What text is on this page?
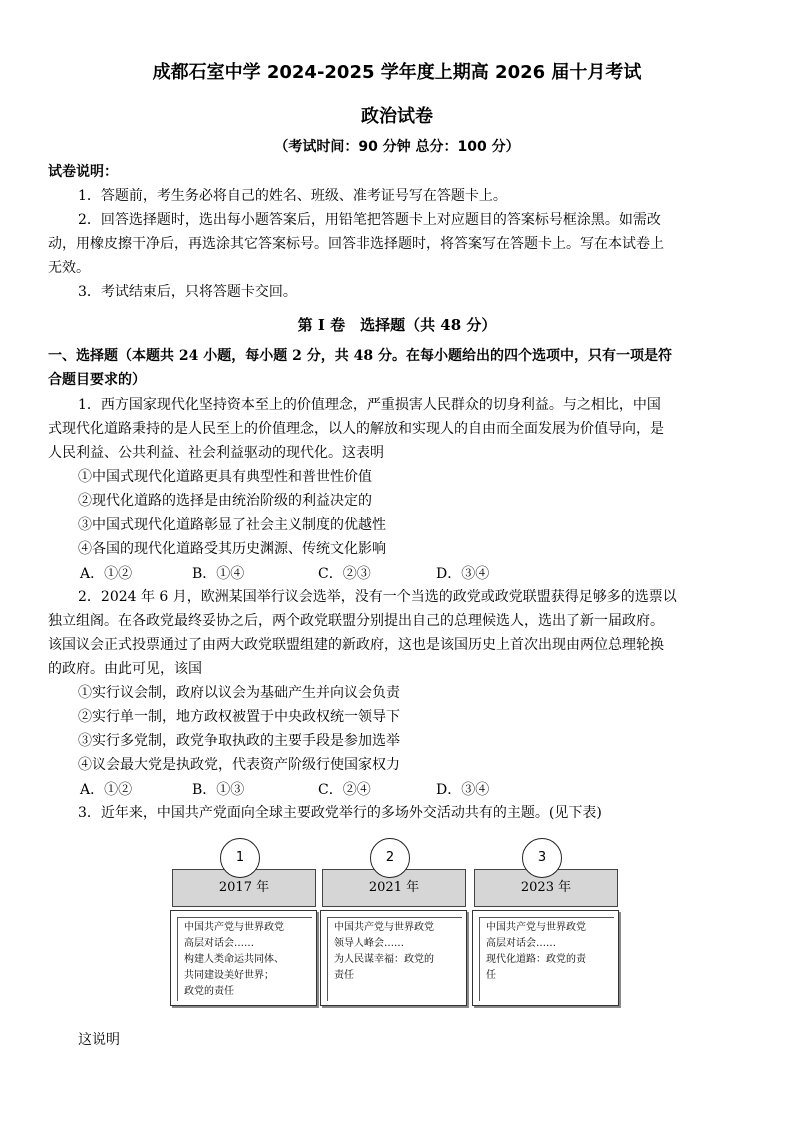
成都石室中学 2024-2025 学年度上期高 2026 届十月考试
政治试卷
（考试时间：90 分钟 总分：100 分）
试卷说明：
1．答题前，考生务必将自己的姓名、班级、准考证号写在答题卡上。
2．回答选择题时，选出每小题答案后，用铅笔把答题卡上对应题目的答案标号框涂黑。如需改
动，用橡皮擦干净后，再选涂其它答案标号。回答非选择题时，将答案写在答题卡上。写在本试卷上
无效。
3．考试结束后，只将答题卡交回。
第 I 卷　选择题（共 48 分）
一、选择题（本题共 24 小题，每小题 2 分，共 48 分。在每小题给出的四个选项中，只有一项是符
合题目要求的）
1．西方国家现代化坚持资本至上的价值理念，严重损害人民群众的切身利益。与之相比，中国
式现代化道路秉持的是人民至上的价值理念，以人的解放和实现人的自由而全面发展为价值导向，是
人民利益、公共利益、社会利益驱动的现代化。这表明
①中国式现代化道路更具有典型性和普世性价值
②现代化道路的选择是由统治阶级的利益决定的
③中国式现代化道路彰显了社会主义制度的优越性
④各国的现代化道路受其历史渊源、传统文化影响
A．①②	B．①④	C．②③	D．③④
2．2024 年 6 月，欧洲某国举行议会选举，没有一个当选的政党或政党联盟获得足够多的选票以
独立组阁。在各政党最终妥协之后，两个政党联盟分别提出自己的总理候选人，选出了新一届政府。
该国议会正式投票通过了由两大政党联盟组建的新政府，这也是该国历史上首次出现由两位总理轮换
的政府。由此可见，该国
①实行议会制，政府以议会为基础产生并向议会负责
②实行单一制，地方政权被置于中央政权统一领导下
③实行多党制，政党争取执政的主要手段是参加选举
④议会最大党是执政党，代表资产阶级行使国家权力
A．①②	B．①③	C．②④	D．③④
3．近年来，中国共产党面向全球主要政党举行的多场外交活动共有的主题。(见下表)
2017 年
1
中国共产党与世界政党
高层对话会……
构建人类命运共同体、
共同建设美好世界；
政党的责任
2021 年
2
中国共产党与世界政党
领导人峰会……
为人民谋幸福：政党的
责任
2023 年
3
中国共产党与世界政党
高层对话会……
现代化道路：政党的责
任
这说明
